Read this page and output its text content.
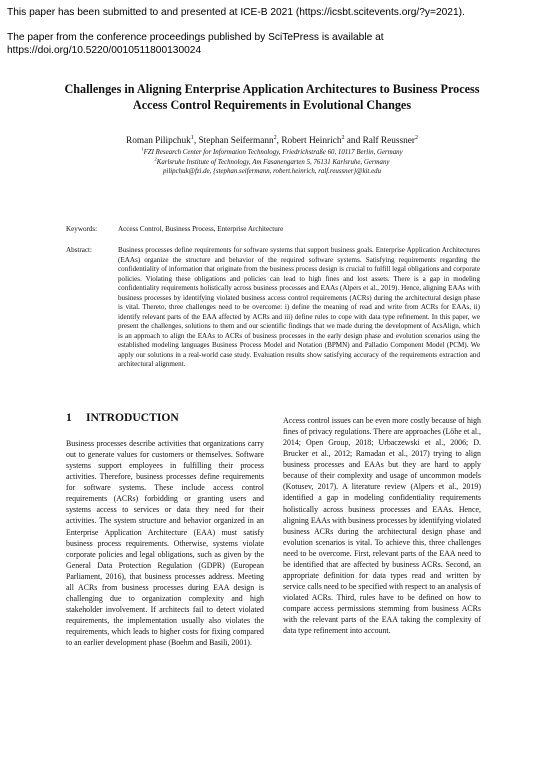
This paper has been submitted to and presented at ICE-B 2021 (https://icsbt.scitevents.org/?y=2021).
The paper from the conference proceedings published by SciTePress is available at https://doi.org/10.5220/0010511800130024
Challenges in Aligning Enterprise Application Architectures to Business Process Access Control Requirements in Evolutional Changes
Roman Pilipchuk$^1$, Stephan Seifermann$^2$, Robert Heinrich$^2$ and Ralf Reussner$^2$
$^1$FZI Research Center for Information Technology, Friedrichstraße 60, 10117 Berlin, Germany
$^2$Karlsruhe Institute of Technology, Am Fasanengarten 5, 76131 Karlsruhe, Germany
pilipchuk@fzi.de, {stephan.seifermann, robert.heinrich, ralf.reussner}@kit.edu
Keywords:	Access Control, Business Process, Enterprise Architecture
Abstract:	Business processes define requirements for software systems that support business goals. Enterprise Application Architectures (EAAs) organize the structure and behavior of the required software systems. Satisfying requirements regarding the confidentiality of information that originate from the business process design is crucial to fulfill legal obligations and corporate policies. Violating these obligations and policies can lead to high fines and lost assets. There is a gap in modeling confidentiality requirements holistically across business processes and EAAs (Alpers et al., 2019). Hence, aligning EAAs with business processes by identifying violated business access control requirements (ACRs) during the architectural design phase is vital. Thereto, three challenges need to be overcome: i) define the meaning of read and write from ACRs for EAAs, ii) identify relevant parts of the EAA affected by ACRs and iii) define rules to cope with data type refinement. In this paper, we present the challenges, solutions to them and our scientific findings that we made during the development of AcsAlign, which is an approach to align the EAAs to ACRs of business processes in the early design phase and evolution scenarios using the established modeling languages Business Process Model and Notation (BPMN) and Palladio Component Model (PCM). We apply our solutions in a real-world case study. Evaluation results show satisfying accuracy of the requirements extraction and architectural alignment.
1 INTRODUCTION
Business processes describe activities that organizations carry out to generate values for customers or themselves. Software systems support employees in fulfilling their process activities. Therefore, business processes define requirements for software systems. These include access control requirements (ACRs) forbidding or granting users and systems access to services or data they need for their activities. The system structure and behavior organized in an Enterprise Application Architecture (EAA) must satisfy business process requirements. Otherwise, systems violate corporate policies and legal obligations, such as given by the General Data Protection Regulation (GDPR) (European Parliament, 2016), that business processes address. Meeting all ACRs from business processes during EAA design is challenging due to organization complexity and high stakeholder involvement. If architects fail to detect violated requirements, the implementation usually also violates the requirements, which leads to higher costs for fixing compared to an earlier development phase (Boehm and Basili, 2001).
Access control issues can be even more costly because of high fines of privacy regulations. There are approaches (Löhe et al., 2014; Open Group, 2018; Urbaczewski et al., 2006; D. Brucker et al., 2012; Ramadan et al., 2017) trying to align business processes and EAAs but they are hard to apply because of their complexity and usage of uncommon models (Kotusev, 2017). A literature review (Alpers et al., 2019) identified a gap in modeling confidentiality requirements holistically across business processes and EAAs. Hence, aligning EAAs with business processes by identifying violated business ACRs during the architectural design phase and evolution scenarios is vital. To achieve this, three challenges need to be overcome. First, relevant parts of the EAA need to be identified that are affected by business ACRs. Second, an appropriate definition for data types read and written by service calls need to be specified with respect to an analysis of violated ACRs. Third, rules have to be defined on how to compare access permissions stemming from business ACRs with the relevant parts of the EAA taking the complexity of data type refinement into account.
